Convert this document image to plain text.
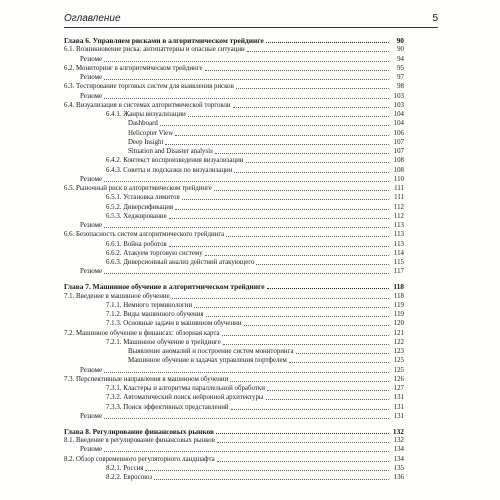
Оглавление	5
Глава 6. Управляем рисками в алгоритмическом трейдинге	90
6.1. Возникновение риска: антипаттерны и опасные ситуации	90
Резюме	94
6.2. Мониторинг в алгоритмическом трейдинге	95
Резюме	97
6.3. Тестирование торговых систем для выявления рисков	98
Резюме	103
6.4. Визуализация в системах алгоритмической торговли	103
6.4.1. Жанры визуализации	104
Dashboard	104
Helicopter View	106
Deep Insight	107
Situation and Disaster analysis	107
6.4.2. Контекст воспроизведения визуализации	108
6.4.3. Советы и подсказки по визуализации	108
Резюме	110
6.5. Рыночный риск в алгоритмическом трейдинге	111
6.5.1. Установка лимитов	111
6.5.2. Диверсификация	112
6.5.3. Хеджирование	112
Резюме	113
6.6. Безопасность систем алгоритмического трейдинга	113
6.6.1. Война роботов	113
6.6.2. Атакуем торговую систему	114
6.6.3. Диверсионный анализ действий атакующего	115
Резюме	117
Глава 7. Машинное обучение в алгоритмическом трейдинге	118
7.1. Введение в машинное обучение	118
7.1.1. Немного терминологии	119
7.1.2. Виды машинного обучения	119
7.1.3. Основные задачи в машинном обучении	120
7.2. Машинное обучение в финансах: обзорная карта	121
7.2.1. Машинное обучение в трейдинге	122
Выявление аномалий и построение систем мониторинга	123
Машинное обучение в задачах управления портфелем	125
Резюме	125
7.3. Перспективные направления в машинном обучении	126
7.3.1. Кластеры и алгоритмы параллельной обработки	127
7.3.2. Автоматический поиск нейронной архитектуры	131
7.3.3. Поиск эффективных представлений	131
Резюме	131
Глава 8. Регулирование финансовых рынков	132
8.1. Введение в регулирование финансовых рынков	132
Резюме	134
8.2. Обзор современного регуляторного ландшафта	134
8.2.1. Россия	135
8.2.2. Евросоюз	136
